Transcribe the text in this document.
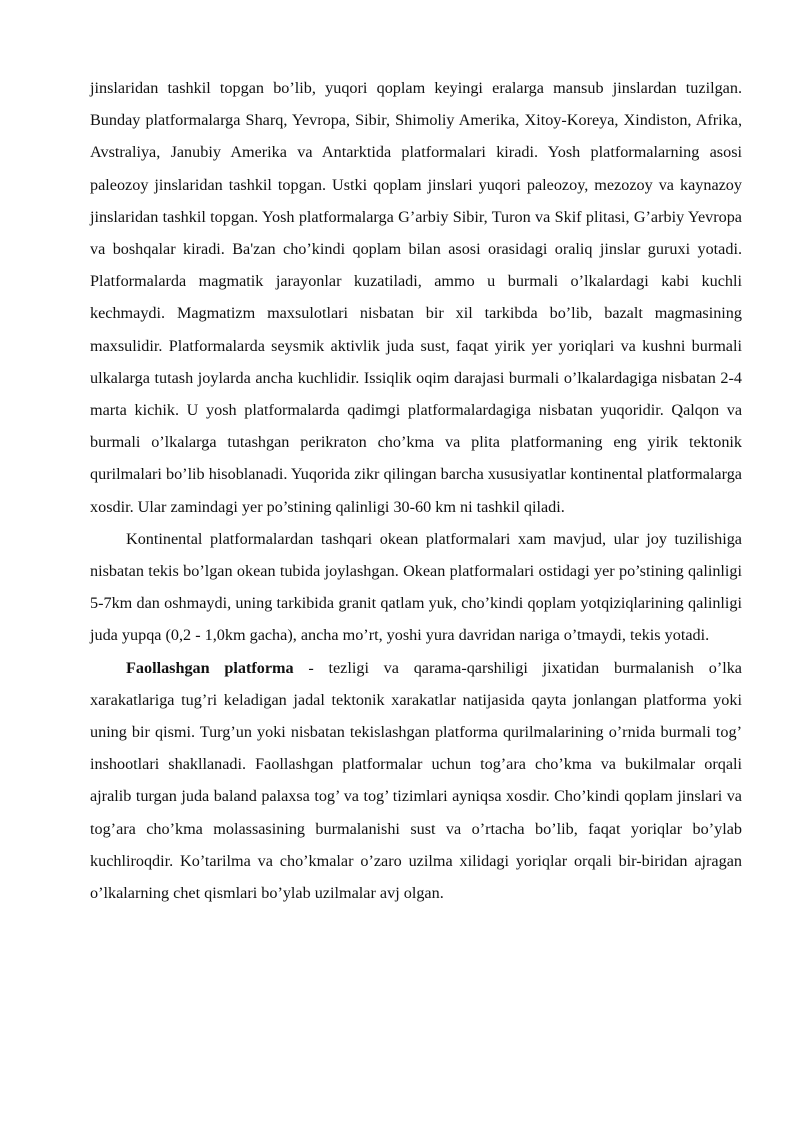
jinslaridan tashkil topgan bo’lib, yuqori qoplam keyingi eralarga mansub jinslardan tuzilgan. Bunday platformalarga Sharq, Yevropa, Sibir, Shimoliy Amerika, Xitoy-Koreya, Xindiston, Afrika, Avstraliya, Janubiy Amerika va Antarktida platformalari kiradi. Yosh platformalarning asosi paleozoy jinslaridan tashkil topgan. Ustki qoplam jinslari yuqori paleozoy, mezozoy va kaynazoy jinslaridan tashkil topgan. Yosh platformalarga G’arbiy Sibir, Turon va Skif plitasi, G’arbiy Yevropa va boshqalar kiradi. Ba'zan cho’kindi qoplam bilan asosi orasidagi oraliq jinslar guruxi yotadi. Platformalarda magmatik jarayonlar kuzatiladi, ammo u burmali o’lkalardagi kabi kuchli kechmaydi. Magmatizm maxsulotlari nisbatan bir xil tarkibda bo’lib, bazalt magmasining maxsulidir. Platformalarda seysmik aktivlik juda sust, faqat yirik yer yoriqlari va kushni burmali ulkalarga tutash joylarda ancha kuchlidir. Issiqlik oqim darajasi burmali o’lkalardagiga nisbatan 2-4 marta kichik. U yosh platformalarda qadimgi platformalardagiga nisbatan yuqoridir. Qalqon va burmali o’lkalarga tutashgan perikraton cho’kma va plita platformaning eng yirik tektonik qurilmalari bo’lib hisoblanadi. Yuqorida zikr qilingan barcha xususiyatlar kontinental platformalarga xosdir. Ular zamindagi yer po’stining qalinligi 30-60 km ni tashkil qiladi.

Kontinental platformalardan tashqari okean platformalari xam mavjud, ular joy tuzilishiga nisbatan tekis bo’lgan okean tubida joylashgan. Okean platformalari ostidagi yer po’stining qalinligi 5-7km dan oshmaydi, uning tarkibida granit qatlam yuk, cho’kindi qoplam yotqiziqlarining qalinligi juda yupqa (0,2 - 1,0km gacha), ancha mo’rt, yoshi yura davridan nariga o’tmaydi, tekis yotadi.

Faollashgan platforma - tezligi va qarama-qarshiligi jixatidan burmalanish o’lka xarakatlariga tug’ri keladigan jadal tektonik xarakatlar natijasida qayta jonlangan platforma yoki uning bir qismi. Turg’un yoki nisbatan tekislashgan platforma qurilmalarining o’rnida burmali tog’ inshootlari shakllanadi. Faollashgan platformalar uchun tog’ara cho’kma va bukilmalar orqali ajralib turgan juda baland palaxsa tog’ va tog’ tizimlari ayniqsa xosdir. Cho’kindi qoplam jinslari va tog’ara cho’kma molassasining burmalanishi sust va o’rtacha bo’lib, faqat yoriqlar bo’ylab kuchliroqdir. Ko’tarilma va cho’kmalar o’zaro uzilma xilidagi yoriqlar orqali bir-biridan ajragan o’lkalarning chet qismlari bo’ylab uzilmalar avj olgan.
